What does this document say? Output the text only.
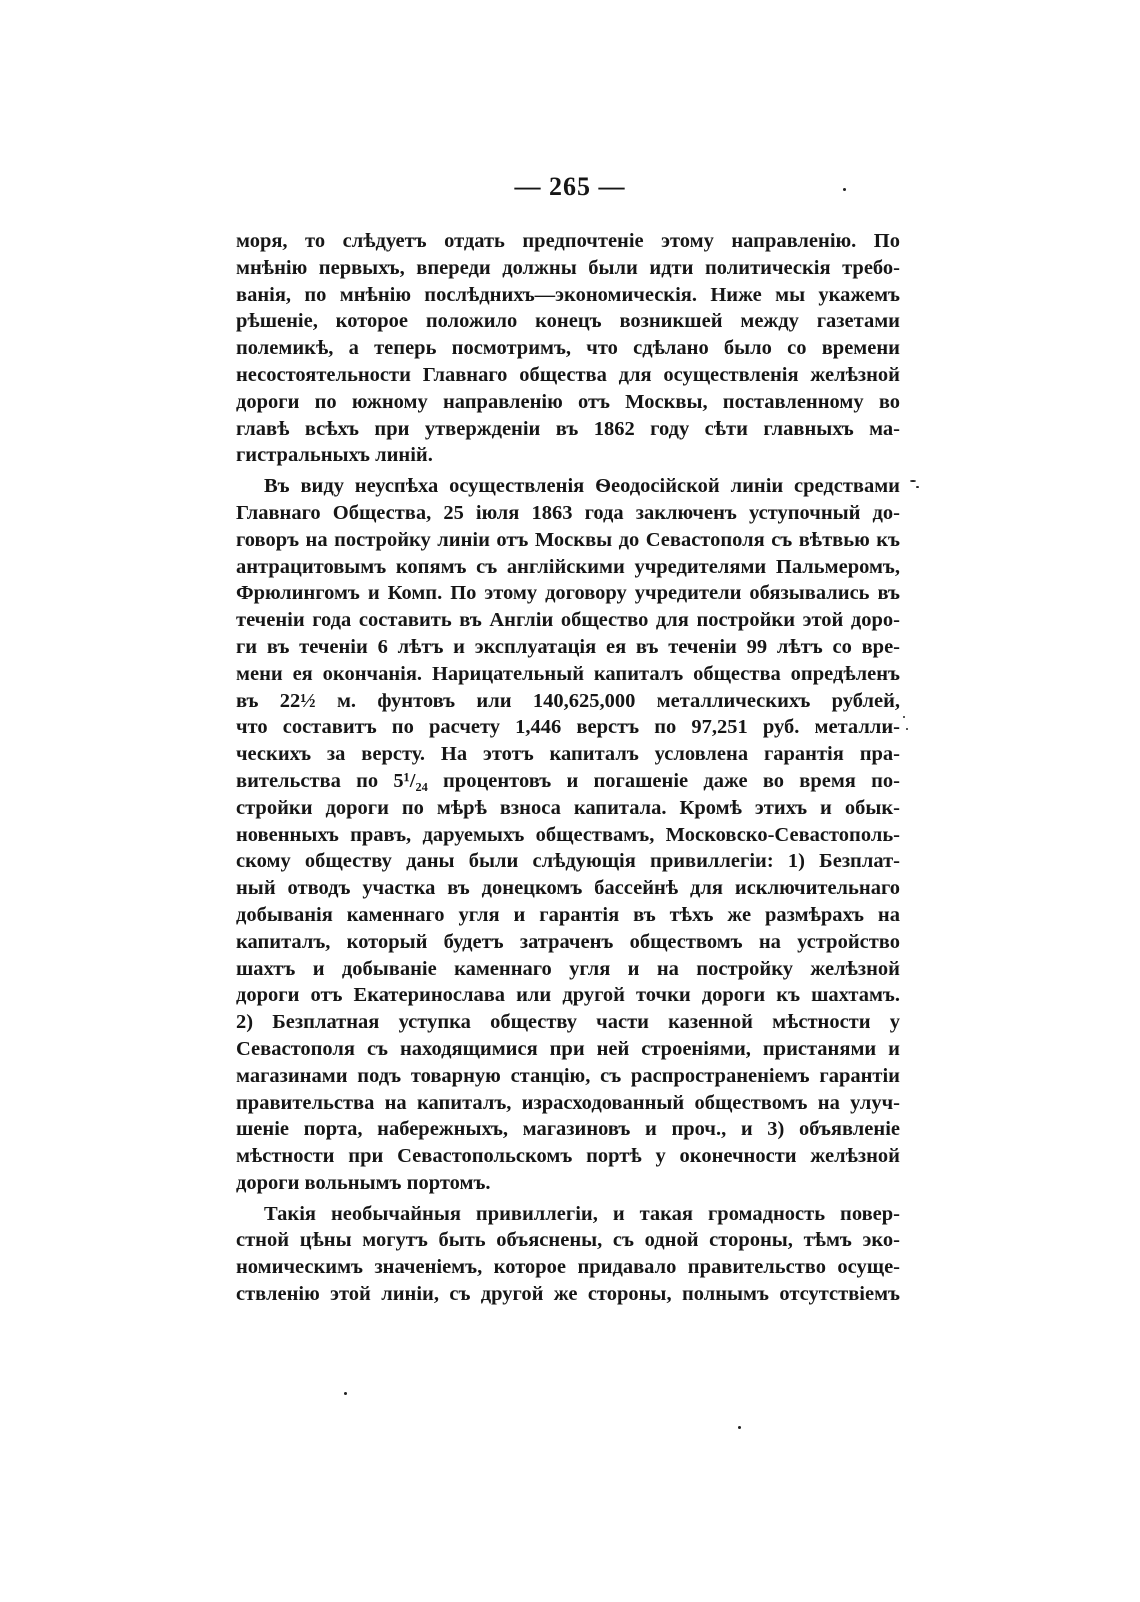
— 265 —
моря, то слѣдуетъ отдать предпочтеніе этому направленію. По
мнѣнію первыхъ, впереди должны были идти политическія требо-
ванія, по мнѣнію послѣднихъ—экономическія. Ниже мы укажемъ
рѣшеніе, которое положило конецъ возникшей между газетами
полемикѣ, а теперь посмотримъ, что сдѣлано было со времени
несостоятельности Главнаго общества для осуществленія желѣзной
дороги по южному направленію отъ Москвы, поставленному во
главѣ всѣхъ при утвержденіи въ 1862 году сѣти главныхъ ма-
гистральныхъ линій.
Въ виду неуспѣха осуществленія Ѳеодосійской линіи средствами
Главнаго Общества, 25 іюля 1863 года заключенъ уступочный до-
говоръ на постройку линіи отъ Москвы до Севастополя съ вѣтвью къ
антрацитовымъ копямъ съ англійскими учредителями Пальмеромъ,
Фрюлингомъ и Комп. По этому договору учредители обязывались въ
теченіи года составить въ Англіи общество для постройки этой доро-
ги въ теченіи 6 лѣтъ и эксплуатація ея въ теченіи 99 лѣтъ со вре-
мени ея окончанія. Нарицательный капиталъ общества опредѣленъ
въ 22½ м. фунтовъ или 140,625,000 металлическихъ рублей,
что составитъ по расчету 1,446 верстъ по 97,251 руб. металли-
ческихъ за версту. На этотъ капиталъ условлена гарантія пра-
вительства по 5¹/₂₄ процентовъ и погашеніе даже во время по-
стройки дороги по мѣрѣ взноса капитала. Кромѣ этихъ и обык-
новенныхъ правъ, даруемыхъ обществамъ, Московско-Севастополь-
скому обществу даны были слѣдующія привиллегіи: 1) Безплат-
ный отводъ участка въ донецкомъ бассейнѣ для исключительнаго
добыванія каменнаго угля и гарантія въ тѣхъ же размѣрахъ на
капиталъ, который будетъ затраченъ обществомъ на устройство
шахтъ и добываніе каменнаго угля и на постройку желѣзной
дороги отъ Екатеринослава или другой точки дороги къ шахтамъ.
2) Безплатная уступка обществу части казенной мѣстности у
Севастополя съ находящимися при ней строеніями, пристанями и
магазинами подъ товарную станцію, съ распространеніемъ гарантіи
правительства на капиталъ, израсходованный обществомъ на улуч-
шеніе порта, набережныхъ, магазиновъ и проч., и 3) объявленіе
мѣстности при Севастопольскомъ портѣ у оконечности желѣзной
дороги вольнымъ портомъ.
Такія необычайныя привиллегіи, и такая громадность повер-
стной цѣны могутъ быть объяснены, съ одной стороны, тѣмъ эко-
номическимъ значеніемъ, которое придавало правительство осуще-
ствленію этой линіи, съ другой же стороны, полнымъ отсутствіемъ
